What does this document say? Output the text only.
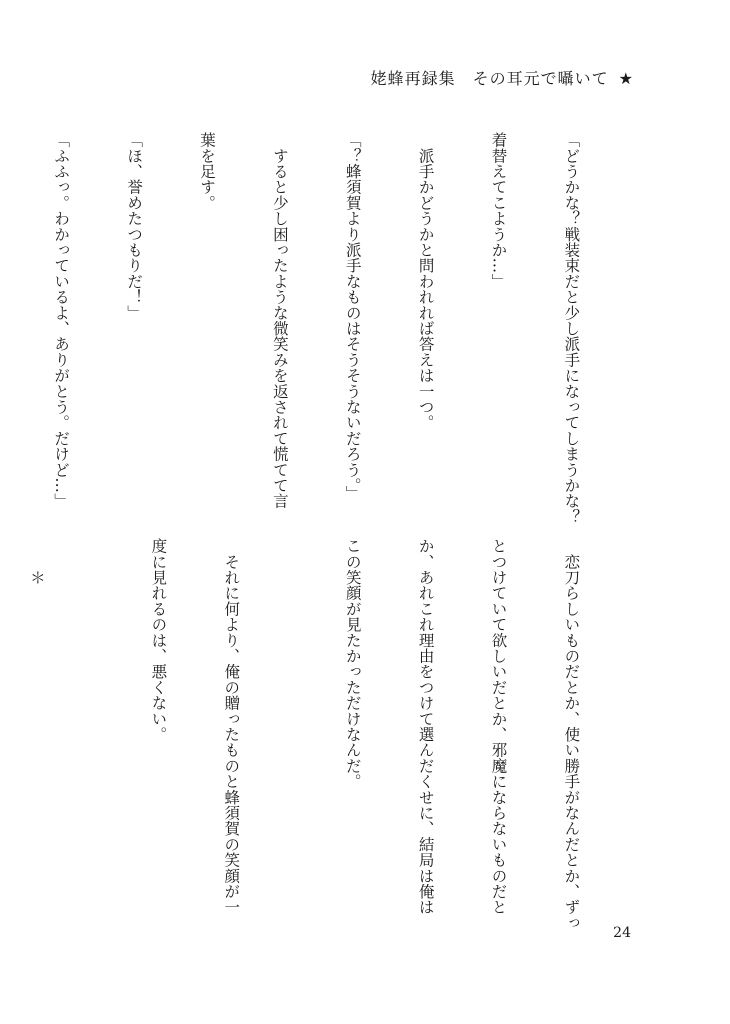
姥蜂再録集　その耳元で囁いて ★

「どうかな？戦装束だと少し派手になってしまうかな？

着替えてこようか…」

　派手かどうかと問われれば答えは一つ。

「？蜂須賀より派手なものはそうそうないだろう。」

　すると少し困ったような微笑みを返されて慌てて言

葉を足す。

「ほ、誉めたつもりだ！」

「ふふっ。わかっているよ、ありがとう。だけど…」

　恋刀らしいものだとか、使い勝手がなんだとか、ずっ

とつけていて欲しいだとか、邪魔にならないものだと

か、あれこれ理由をつけて選んだくせに、結局は俺は

この笑顔が見たかっただけなんだ。

　それに何より、俺の贈ったものと蜂須賀の笑顔が一

度に見れるのは、悪くない。

　　＊

24
